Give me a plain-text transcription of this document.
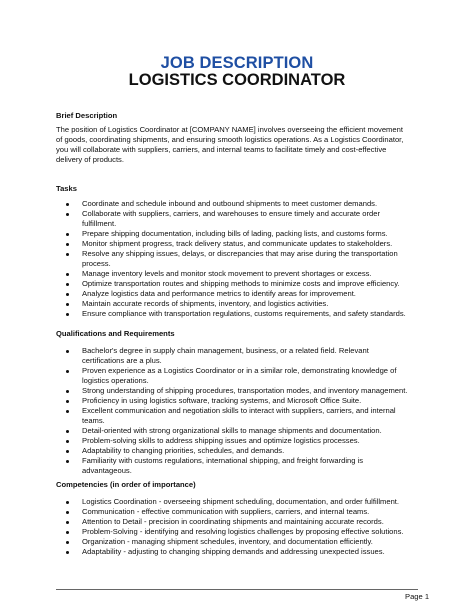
JOB DESCRIPTION
LOGISTICS COORDINATOR
Brief Description
The position of Logistics Coordinator at [COMPANY NAME] involves overseeing the efficient movement
of goods, coordinating shipments, and ensuring smooth logistics operations. As a Logistics Coordinator,
you will collaborate with suppliers, carriers, and internal teams to facilitate timely and cost-effective
delivery of products.
Tasks
Coordinate and schedule inbound and outbound shipments to meet customer demands.
Collaborate with suppliers, carriers, and warehouses to ensure timely and accurate order
fulfillment.
Prepare shipping documentation, including bills of lading, packing lists, and customs forms.
Monitor shipment progress, track delivery status, and communicate updates to stakeholders.
Resolve any shipping issues, delays, or discrepancies that may arise during the transportation
process.
Manage inventory levels and monitor stock movement to prevent shortages or excess.
Optimize transportation routes and shipping methods to minimize costs and improve efficiency.
Analyze logistics data and performance metrics to identify areas for improvement.
Maintain accurate records of shipments, inventory, and logistics activities.
Ensure compliance with transportation regulations, customs requirements, and safety standards.
Qualifications and Requirements
Bachelor's degree in supply chain management, business, or a related field. Relevant
certifications are a plus.
Proven experience as a Logistics Coordinator or in a similar role, demonstrating knowledge of
logistics operations.
Strong understanding of shipping procedures, transportation modes, and inventory management.
Proficiency in using logistics software, tracking systems, and Microsoft Office Suite.
Excellent communication and negotiation skills to interact with suppliers, carriers, and internal
teams.
Detail-oriented with strong organizational skills to manage shipments and documentation.
Problem-solving skills to address shipping issues and optimize logistics processes.
Adaptability to changing priorities, schedules, and demands.
Familiarity with customs regulations, international shipping, and freight forwarding is
advantageous.
Competencies (in order of importance)
Logistics Coordination - overseeing shipment scheduling, documentation, and order fulfillment.
Communication - effective communication with suppliers, carriers, and internal teams.
Attention to Detail - precision in coordinating shipments and maintaining accurate records.
Problem-Solving - identifying and resolving logistics challenges by proposing effective solutions.
Organization - managing shipment schedules, inventory, and documentation efficiently.
Adaptability - adjusting to changing shipping demands and addressing unexpected issues.
Page 1
